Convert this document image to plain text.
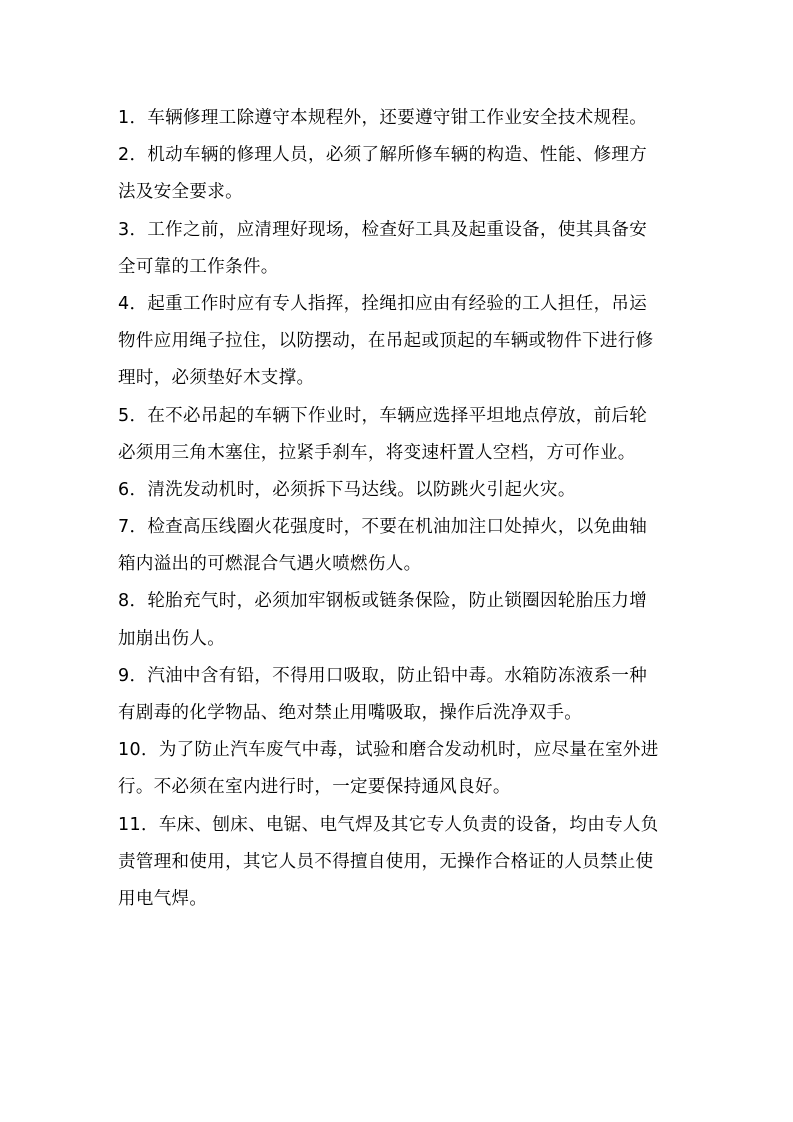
1．车辆修理工除遵守本规程外，还要遵守钳工作业安全技术规程。
2．机动车辆的修理人员，必须了解所修车辆的构造、性能、修理方
法及安全要求。
3．工作之前，应清理好现场，检查好工具及起重设备，使其具备安
全可靠的工作条件。
4．起重工作时应有专人指挥，拴绳扣应由有经验的工人担任，吊运
物件应用绳子拉住，以防摆动，在吊起或顶起的车辆或物件下进行修
理时，必须垫好木支撑。
5．在不必吊起的车辆下作业时，车辆应选择平坦地点停放，前后轮
必须用三角木塞住，拉紧手刹车，将变速杆置人空档，方可作业。
6．清洗发动机时，必须拆下马达线。以防跳火引起火灾。
7．检查高压线圈火花强度时，不要在机油加注口处掉火，以免曲轴
箱内溢出的可燃混合气遇火喷燃伤人。
8．轮胎充气时，必须加牢钢板或链条保险，防止锁圈因轮胎压力增
加崩出伤人。
9．汽油中含有铅，不得用口吸取，防止铅中毒。水箱防冻液系一种
有剧毒的化学物品、绝对禁止用嘴吸取，操作后洗净双手。
10．为了防止汽车废气中毒，试验和磨合发动机时，应尽量在室外进
行。不必须在室内进行时，一定要保持通风良好。
11．车床、刨床、电锯、电气焊及其它专人负责的设备，均由专人负
责管理和使用，其它人员不得擅自使用，无操作合格证的人员禁止使
用电气焊。
